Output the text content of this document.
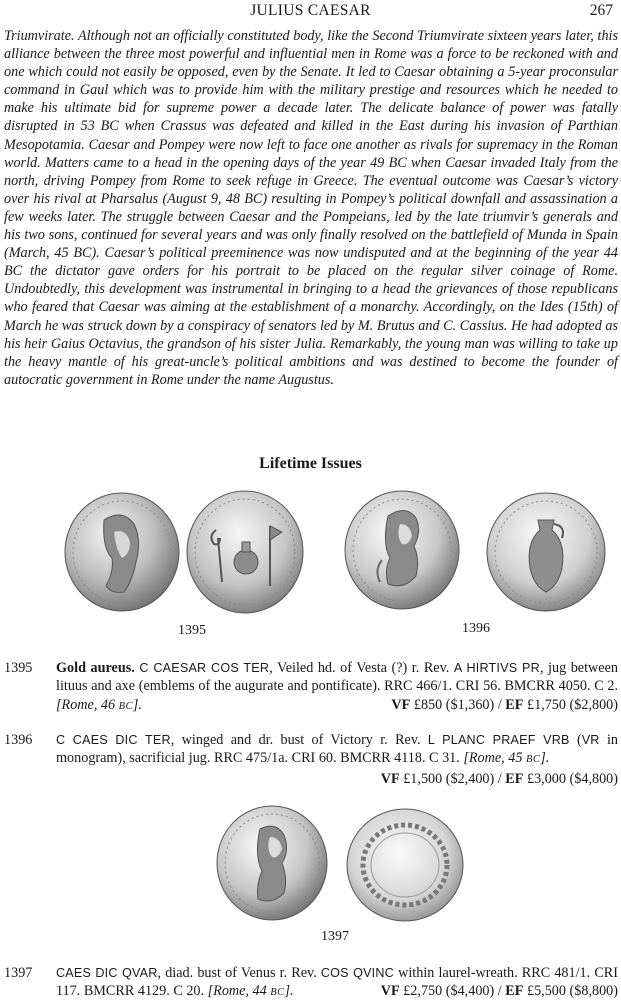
JULIUS CAESAR	267
Triumvirate. Although not an officially constituted body, like the Second Triumvirate sixteen years later, this alliance between the three most powerful and influential men in Rome was a force to be reckoned with and one which could not easily be opposed, even by the Senate. It led to Caesar obtaining a 5-year proconsular command in Gaul which was to provide him with the military prestige and resources which he needed to make his ultimate bid for supreme power a decade later. The delicate balance of power was fatally disrupted in 53 BC when Crassus was defeated and killed in the East during his invasion of Parthian Mesopotamia. Caesar and Pompey were now left to face one another as rivals for supremacy in the Roman world. Matters came to a head in the opening days of the year 49 BC when Caesar invaded Italy from the north, driving Pompey from Rome to seek refuge in Greece. The eventual outcome was Caesar’s victory over his rival at Pharsalus (August 9, 48 BC) resulting in Pompey’s political downfall and assassination a few weeks later. The struggle between Caesar and the Pompeians, led by the late triumvir’s generals and his two sons, continued for several years and was only finally resolved on the battlefield of Munda in Spain (March, 45 BC). Caesar’s political preeminence was now undisputed and at the beginning of the year 44 BC the dictator gave orders for his portrait to be placed on the regular silver coinage of Rome. Undoubtedly, this development was instrumental in bringing to a head the grievances of those republicans who feared that Caesar was aiming at the establishment of a monarchy. Accordingly, on the Ides (15th) of March he was struck down by a conspiracy of senators led by M. Brutus and C. Cassius. He had adopted as his heir Gaius Octavius, the grandson of his sister Julia. Remarkably, the young man was willing to take up the heavy mantle of his great-uncle’s political ambitions and was destined to become the founder of autocratic government in Rome under the name Augustus.
Lifetime Issues
1395	1396
1395 Gold aureus. C CAESAR COS TER, Veiled hd. of Vesta (?) r. Rev. A HIRTIVS PR, jug between lituus and axe (emblems of the augurate and pontificate). RRC 466/1. CRI 56. BMCRR 4050. C 2. [Rome, 46 BC].	VF £850 ($1,360) / EF £1,750 ($2,800)
1396 C CAES DIC TER, winged and dr. bust of Victory r. Rev. L PLANC PRAEF VRB (VR in monogram), sacrificial jug. RRC 475/1a. CRI 60. BMCRR 4118. C 31. [Rome, 45 BC].
VF £1,500 ($2,400) / EF £3,000 ($4,800)
1397
1397 CAES DIC QVAR, diad. bust of Venus r. Rev. COS QVINC within laurel-wreath. RRC 481/1. CRI 117. BMCRR 4129. C 20. [Rome, 44 BC].	VF £2,750 ($4,400) / EF £5,500 ($8,800)
